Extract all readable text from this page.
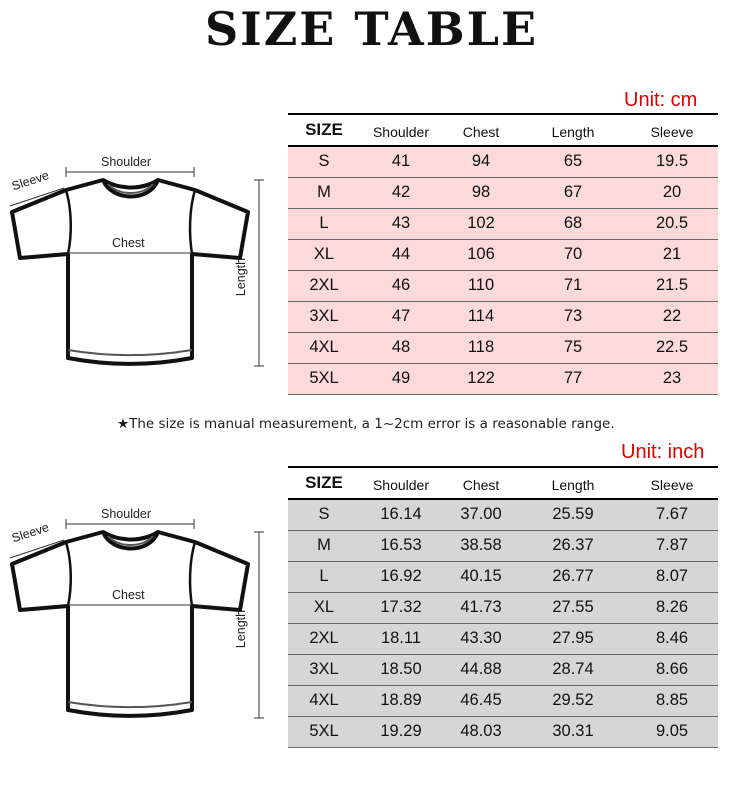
SIZE TABLE
Unit: cm
Shoulder
Sleeve
Chest
Length
SIZE	Shoulder	Chest	Length	Sleeve
S	41	94	65	19.5
M	42	98	67	20
L	43	102	68	20.5
XL	44	106	70	21
2XL	46	110	71	21.5
3XL	47	114	73	22
4XL	48	118	75	22.5
5XL	49	122	77	23
★The size is manual measurement, a 1~2cm error is a reasonable range.
Unit: inch
Shoulder
Sleeve
Chest
Length
SIZE	Shoulder	Chest	Length	Sleeve
S	16.14	37.00	25.59	7.67
M	16.53	38.58	26.37	7.87
L	16.92	40.15	26.77	8.07
XL	17.32	41.73	27.55	8.26
2XL	18.11	43.30	27.95	8.46
3XL	18.50	44.88	28.74	8.66
4XL	18.89	46.45	29.52	8.85
5XL	19.29	48.03	30.31	9.05
